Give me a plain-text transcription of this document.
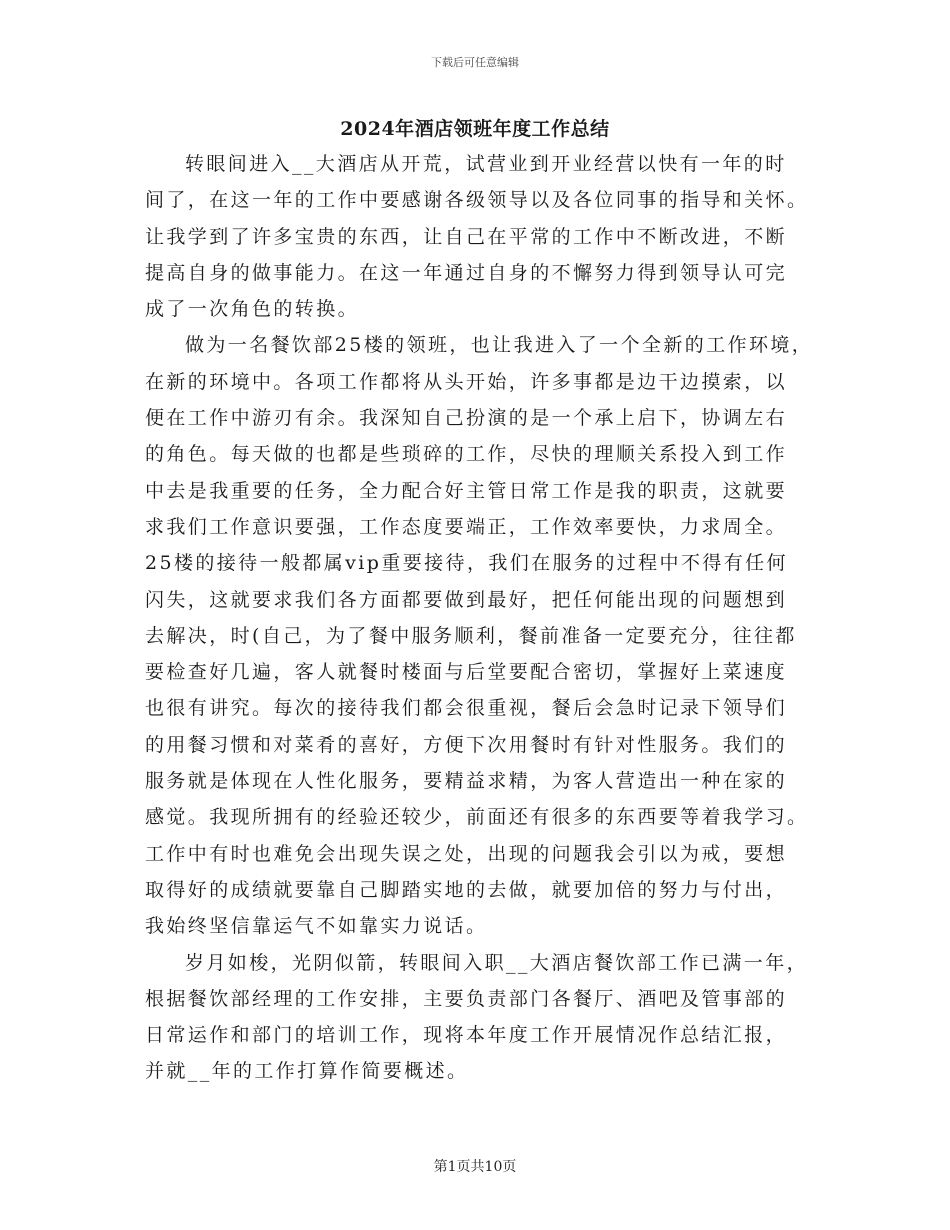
下载后可任意编辑
2024年酒店领班年度工作总结
转眼间进入__大酒店从开荒，试营业到开业经营以快有一年的时
间了，在这一年的工作中要感谢各级领导以及各位同事的指导和关怀。
让我学到了许多宝贵的东西，让自己在平常的工作中不断改进，不断
提高自身的做事能力。在这一年通过自身的不懈努力得到领导认可完
成了一次角色的转换。
做为一名餐饮部25楼的领班，也让我进入了一个全新的工作环境，
在新的环境中。各项工作都将从头开始，许多事都是边干边摸索，以
便在工作中游刃有余。我深知自己扮演的是一个承上启下，协调左右
的角色。每天做的也都是些琐碎的工作，尽快的理顺关系投入到工作
中去是我重要的任务，全力配合好主管日常工作是我的职责，这就要
求我们工作意识要强，工作态度要端正，工作效率要快，力求周全。
25楼的接待一般都属vip重要接待，我们在服务的过程中不得有任何
闪失，这就要求我们各方面都要做到最好，把任何能出现的问题想到
去解决，时(自己，为了餐中服务顺利，餐前准备一定要充分，往往都
要检查好几遍，客人就餐时楼面与后堂要配合密切，掌握好上菜速度
也很有讲究。每次的接待我们都会很重视，餐后会急时记录下领导们
的用餐习惯和对菜肴的喜好，方便下次用餐时有针对性服务。我们的
服务就是体现在人性化服务，要精益求精，为客人营造出一种在家的
感觉。我现所拥有的经验还较少，前面还有很多的东西要等着我学习。
工作中有时也难免会出现失误之处，出现的问题我会引以为戒，要想
取得好的成绩就要靠自己脚踏实地的去做，就要加倍的努力与付出，
我始终坚信靠运气不如靠实力说话。
岁月如梭，光阴似箭，转眼间入职__大酒店餐饮部工作已满一年，
根据餐饮部经理的工作安排，主要负责部门各餐厅、酒吧及管事部的
日常运作和部门的培训工作，现将本年度工作开展情况作总结汇报，
并就__年的工作打算作简要概述。
第1页共10页
